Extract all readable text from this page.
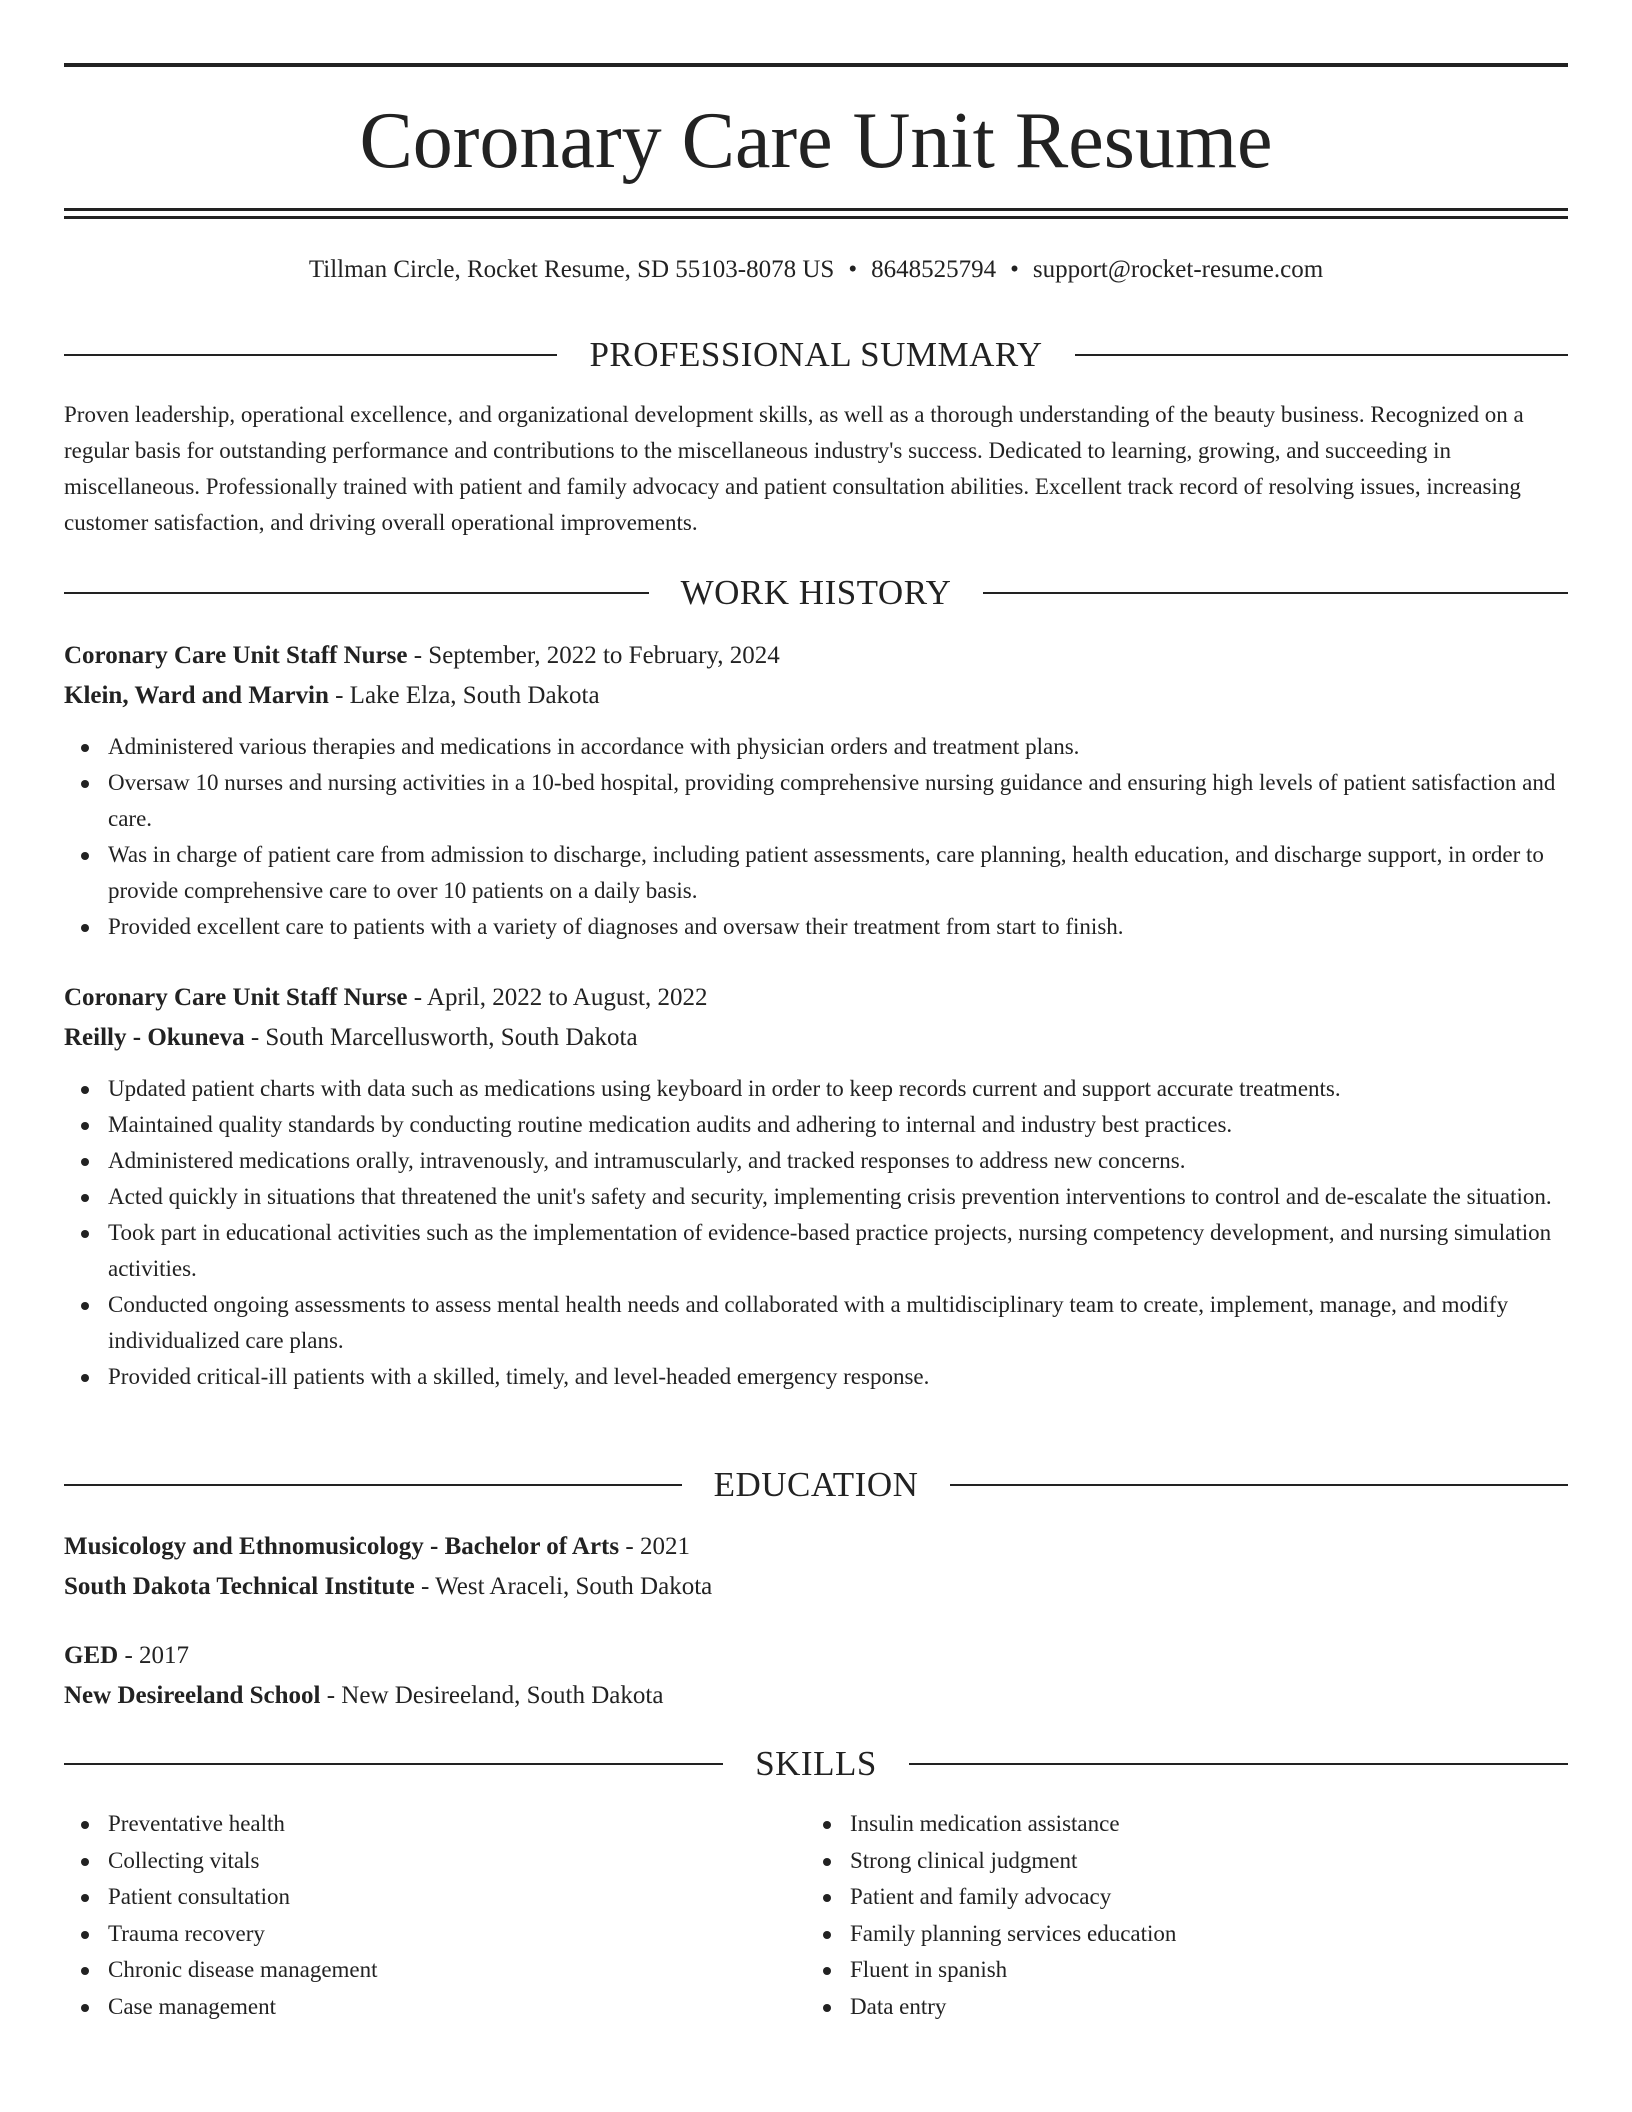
Coronary Care Unit Resume
Tillman Circle, Rocket Resume, SD 55103-8078 US • 8648525794 • support@rocket-resume.com
PROFESSIONAL SUMMARY

Proven leadership, operational excellence, and organizational development skills, as well as a thorough understanding of the beauty business. Recognized on a regular basis for outstanding performance and contributions to the miscellaneous industry's success. Dedicated to learning, growing, and succeeding in miscellaneous. Professionally trained with patient and family advocacy and patient consultation abilities. Excellent track record of resolving issues, increasing customer satisfaction, and driving overall operational improvements.

WORK HISTORY
Coronary Care Unit Staff Nurse - September, 2022 to February, 2024
Klein, Ward and Marvin - Lake Elza, South Dakota
Administered various therapies and medications in accordance with physician orders and treatment plans.
Oversaw 10 nurses and nursing activities in a 10-bed hospital, providing comprehensive nursing guidance and ensuring high levels of patient satisfaction and care.
Was in charge of patient care from admission to discharge, including patient assessments, care planning, health education, and discharge support, in order to provide comprehensive care to over 10 patients on a daily basis.
Provided excellent care to patients with a variety of diagnoses and oversaw their treatment from start to finish.
Coronary Care Unit Staff Nurse - April, 2022 to August, 2022
Reilly - Okuneva - South Marcellusworth, South Dakota
Updated patient charts with data such as medications using keyboard in order to keep records current and support accurate treatments.
Maintained quality standards by conducting routine medication audits and adhering to internal and industry best practices.
Administered medications orally, intravenously, and intramuscularly, and tracked responses to address new concerns.
Acted quickly in situations that threatened the unit's safety and security, implementing crisis prevention interventions to control and de-escalate the situation.
Took part in educational activities such as the implementation of evidence-based practice projects, nursing competency development, and nursing simulation activities.
Conducted ongoing assessments to assess mental health needs and collaborated with a multidisciplinary team to create, implement, manage, and modify individualized care plans.
Provided critical-ill patients with a skilled, timely, and level-headed emergency response.
EDUCATION
Musicology and Ethnomusicology - Bachelor of Arts - 2021
South Dakota Technical Institute - West Araceli, South Dakota
GED - 2017
New Desireeland School - New Desireeland, South Dakota
SKILLS
Preventative health
Collecting vitals
Patient consultation
Trauma recovery
Chronic disease management
Case management
Insulin medication assistance
Strong clinical judgment
Patient and family advocacy
Family planning services education
Fluent in spanish
Data entry
